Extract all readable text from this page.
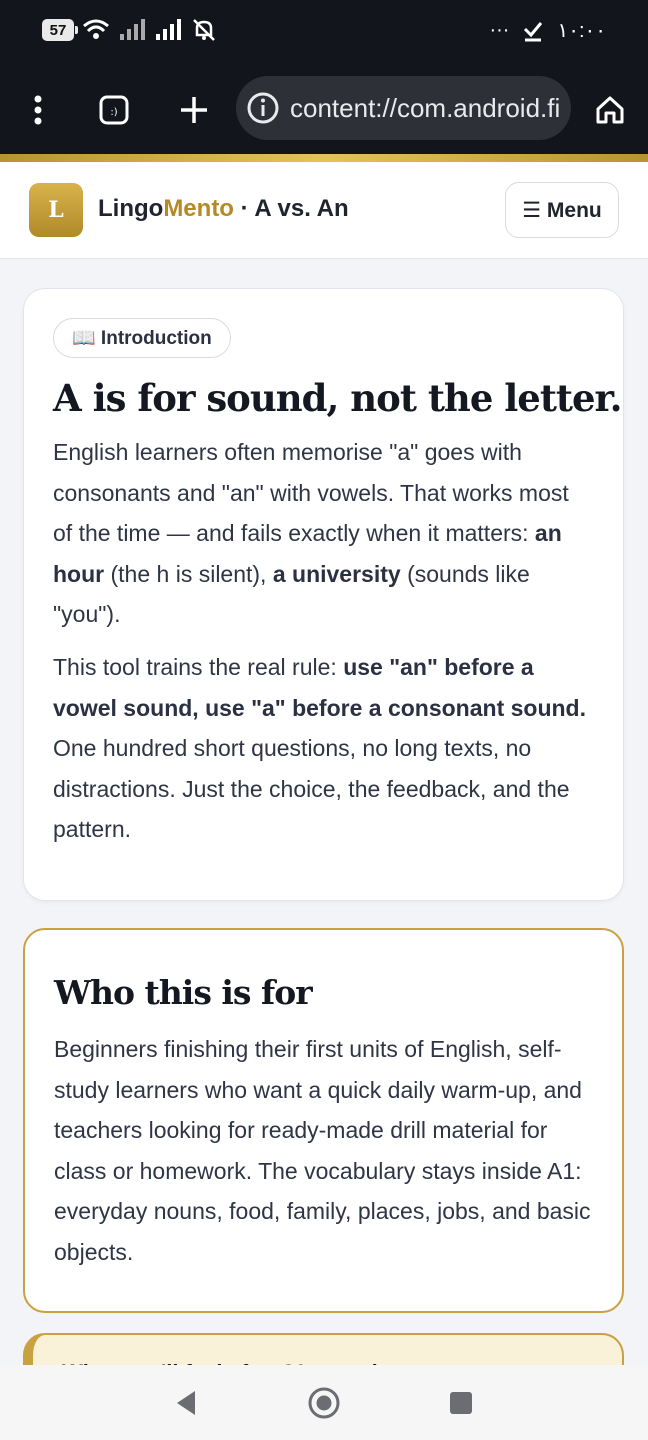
57	··· ١٠:٠٠
:)	content://com.android.fi
L LingoMento · A vs. An	☰ Menu
📖 Introduction
A is for sound, not the letter.

English learners often memorise "a" goes with consonants and "an" with vowels. That works most of the time — and fails exactly when it matters: an hour (the h is silent), a university (sounds like "you").

This tool trains the real rule: use "an" before a vowel sound, use "a" before a consonant sound. One hundred short questions, no long texts, no distractions. Just the choice, the feedback, and the pattern.

Who this is for

Beginners finishing their first units of English, self-study learners who want a quick daily warm-up, and teachers looking for ready-made drill material for class or homework. The vocabulary stays inside A1: everyday nouns, food, family, places, jobs, and basic objects.
